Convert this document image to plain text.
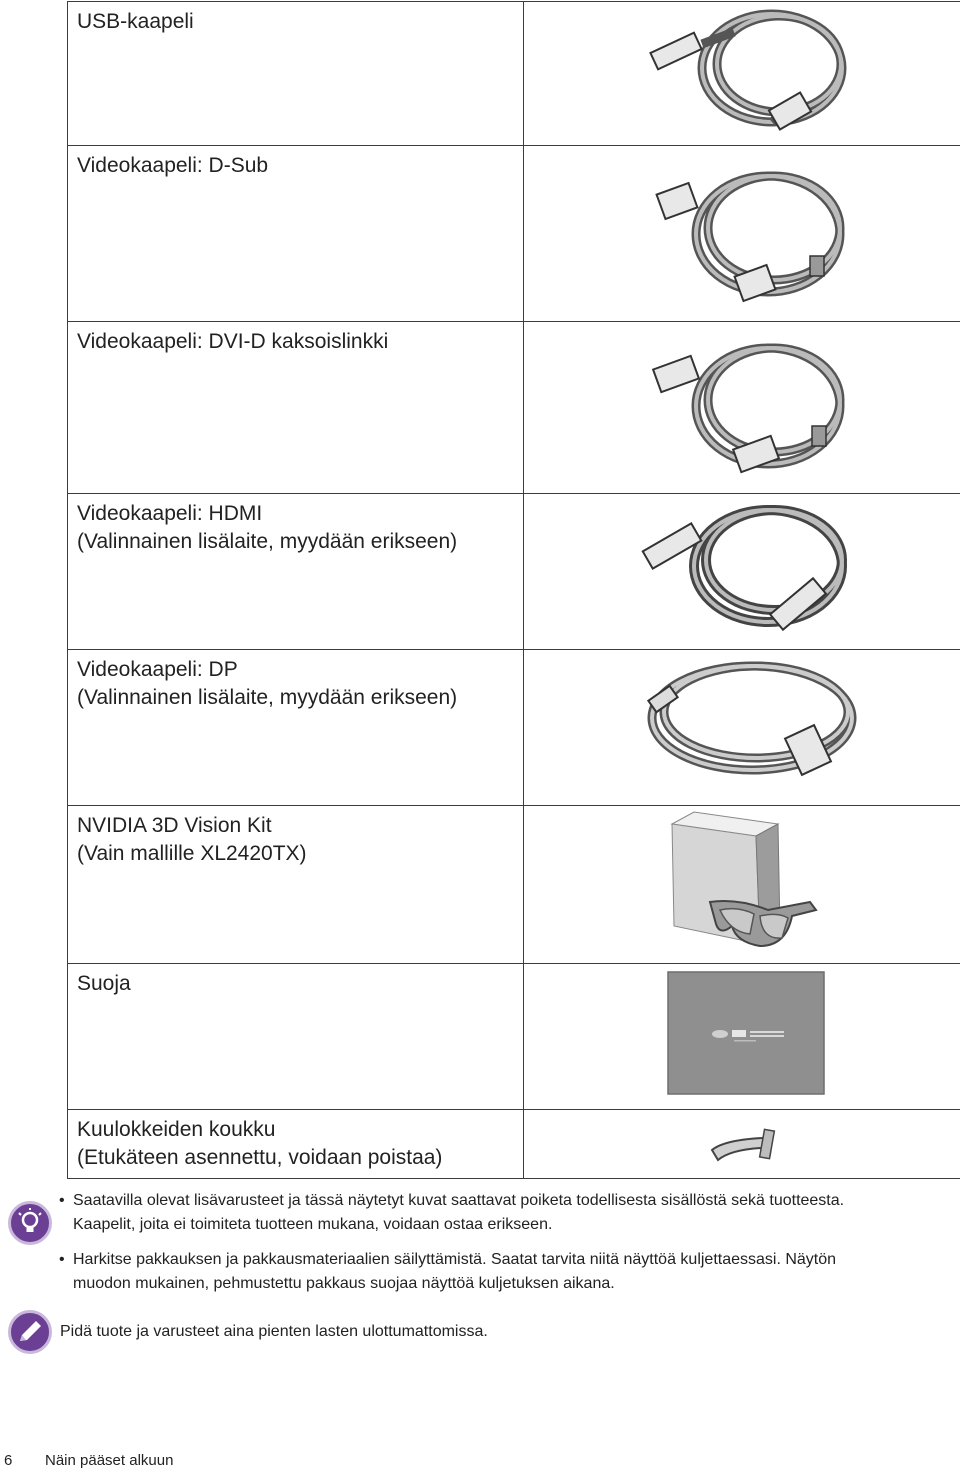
USB-kaapeli

Videokaapeli: D-Sub

Videokaapeli: DVI-D kaksoislinkki

Videokaapeli: HDMI
(Valinnainen lisälaite, myydään erikseen)

Videokaapeli: DP
(Valinnainen lisälaite, myydään erikseen)

NVIDIA 3D Vision Kit
(Vain mallille XL2420TX)

Suoja

Kuulokkeiden koukku
(Etukäteen asennettu, voidaan poistaa)

• Saatavilla olevat lisävarusteet ja tässä näytetyt kuvat saattavat poiketa todellisesta sisällöstä sekä tuotteesta.
Kaapelit, joita ei toimiteta tuotteen mukana, voidaan ostaa erikseen.
• Harkitse pakkauksen ja pakkausmateriaalien säilyttämistä. Saatat tarvita niitä näyttöä kuljettaessasi. Näytön
muodon mukainen, pehmustettu pakkaus suojaa näyttöä kuljetuksen aikana.
Pidä tuote ja varusteet aina pienten lasten ulottumattomissa.
6 Näin pääset alkuun
